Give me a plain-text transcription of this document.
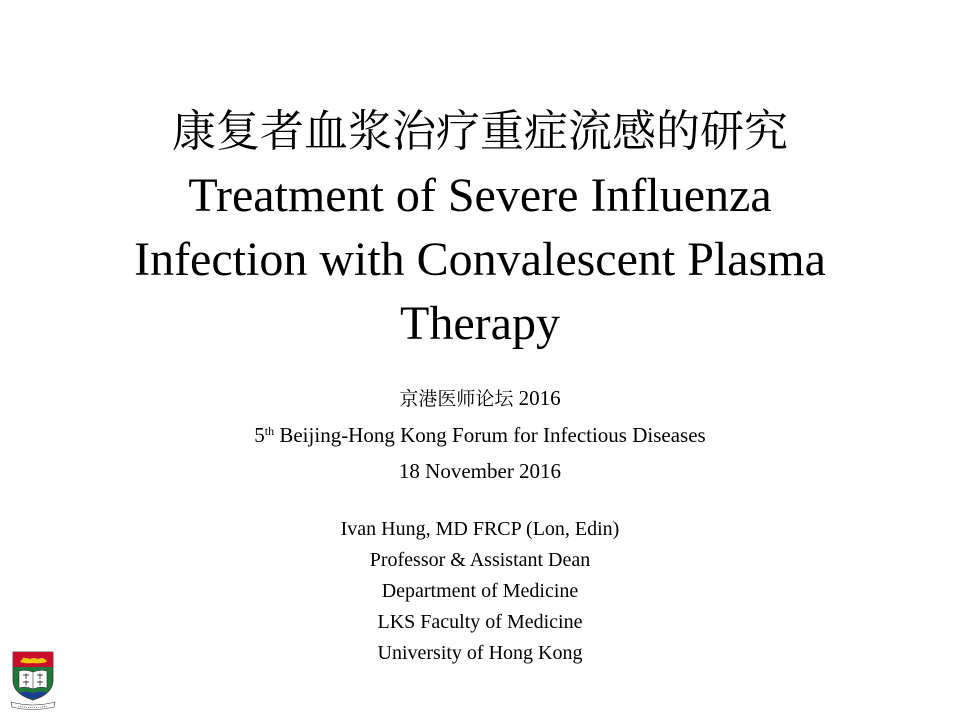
康复者血浆治疗重症流感的研究
Treatment of Severe Influenza
Infection with Convalescent Plasma
Therapy
京港医师论坛 2016
5th Beijing-Hong Kong Forum for Infectious Diseases
18 November 2016
Ivan Hung, MD FRCP (Lon, Edin)
Professor & Assistant Dean
Department of Medicine
LKS Faculty of Medicine
University of Hong Kong
